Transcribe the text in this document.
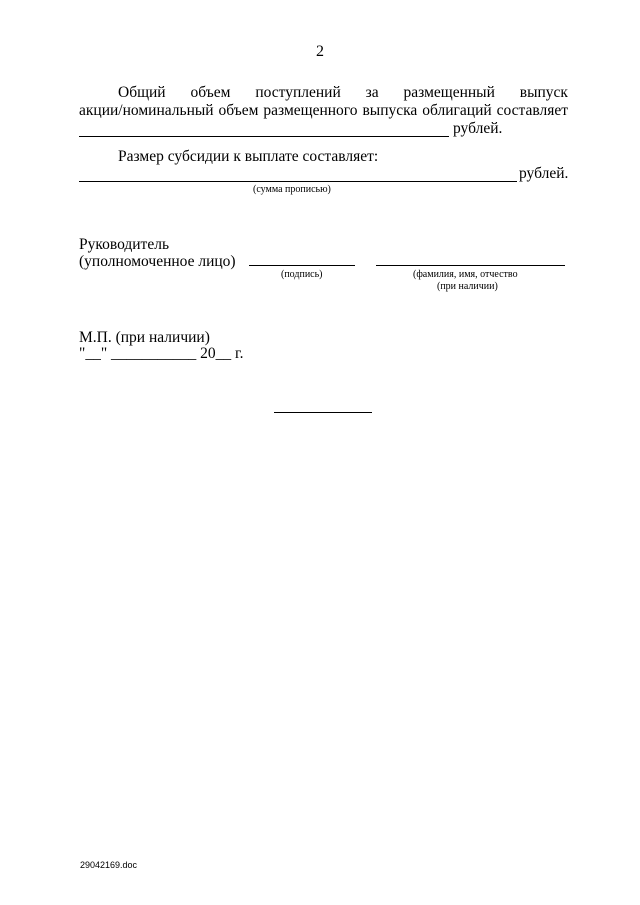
2
Общий объем поступлений за размещенный выпуск
акции/номинальный объем размещенного выпуска облигаций составляет
рублей.
Размер субсидии к выплате составляет:
рублей.
(сумма прописью)
Руководитель
(уполномоченное лицо)
(подпись)	(фамилия, имя, отчество
(при наличии)
М.П. (при наличии)
"__" ___________ 20__ г.
29042169.doc
